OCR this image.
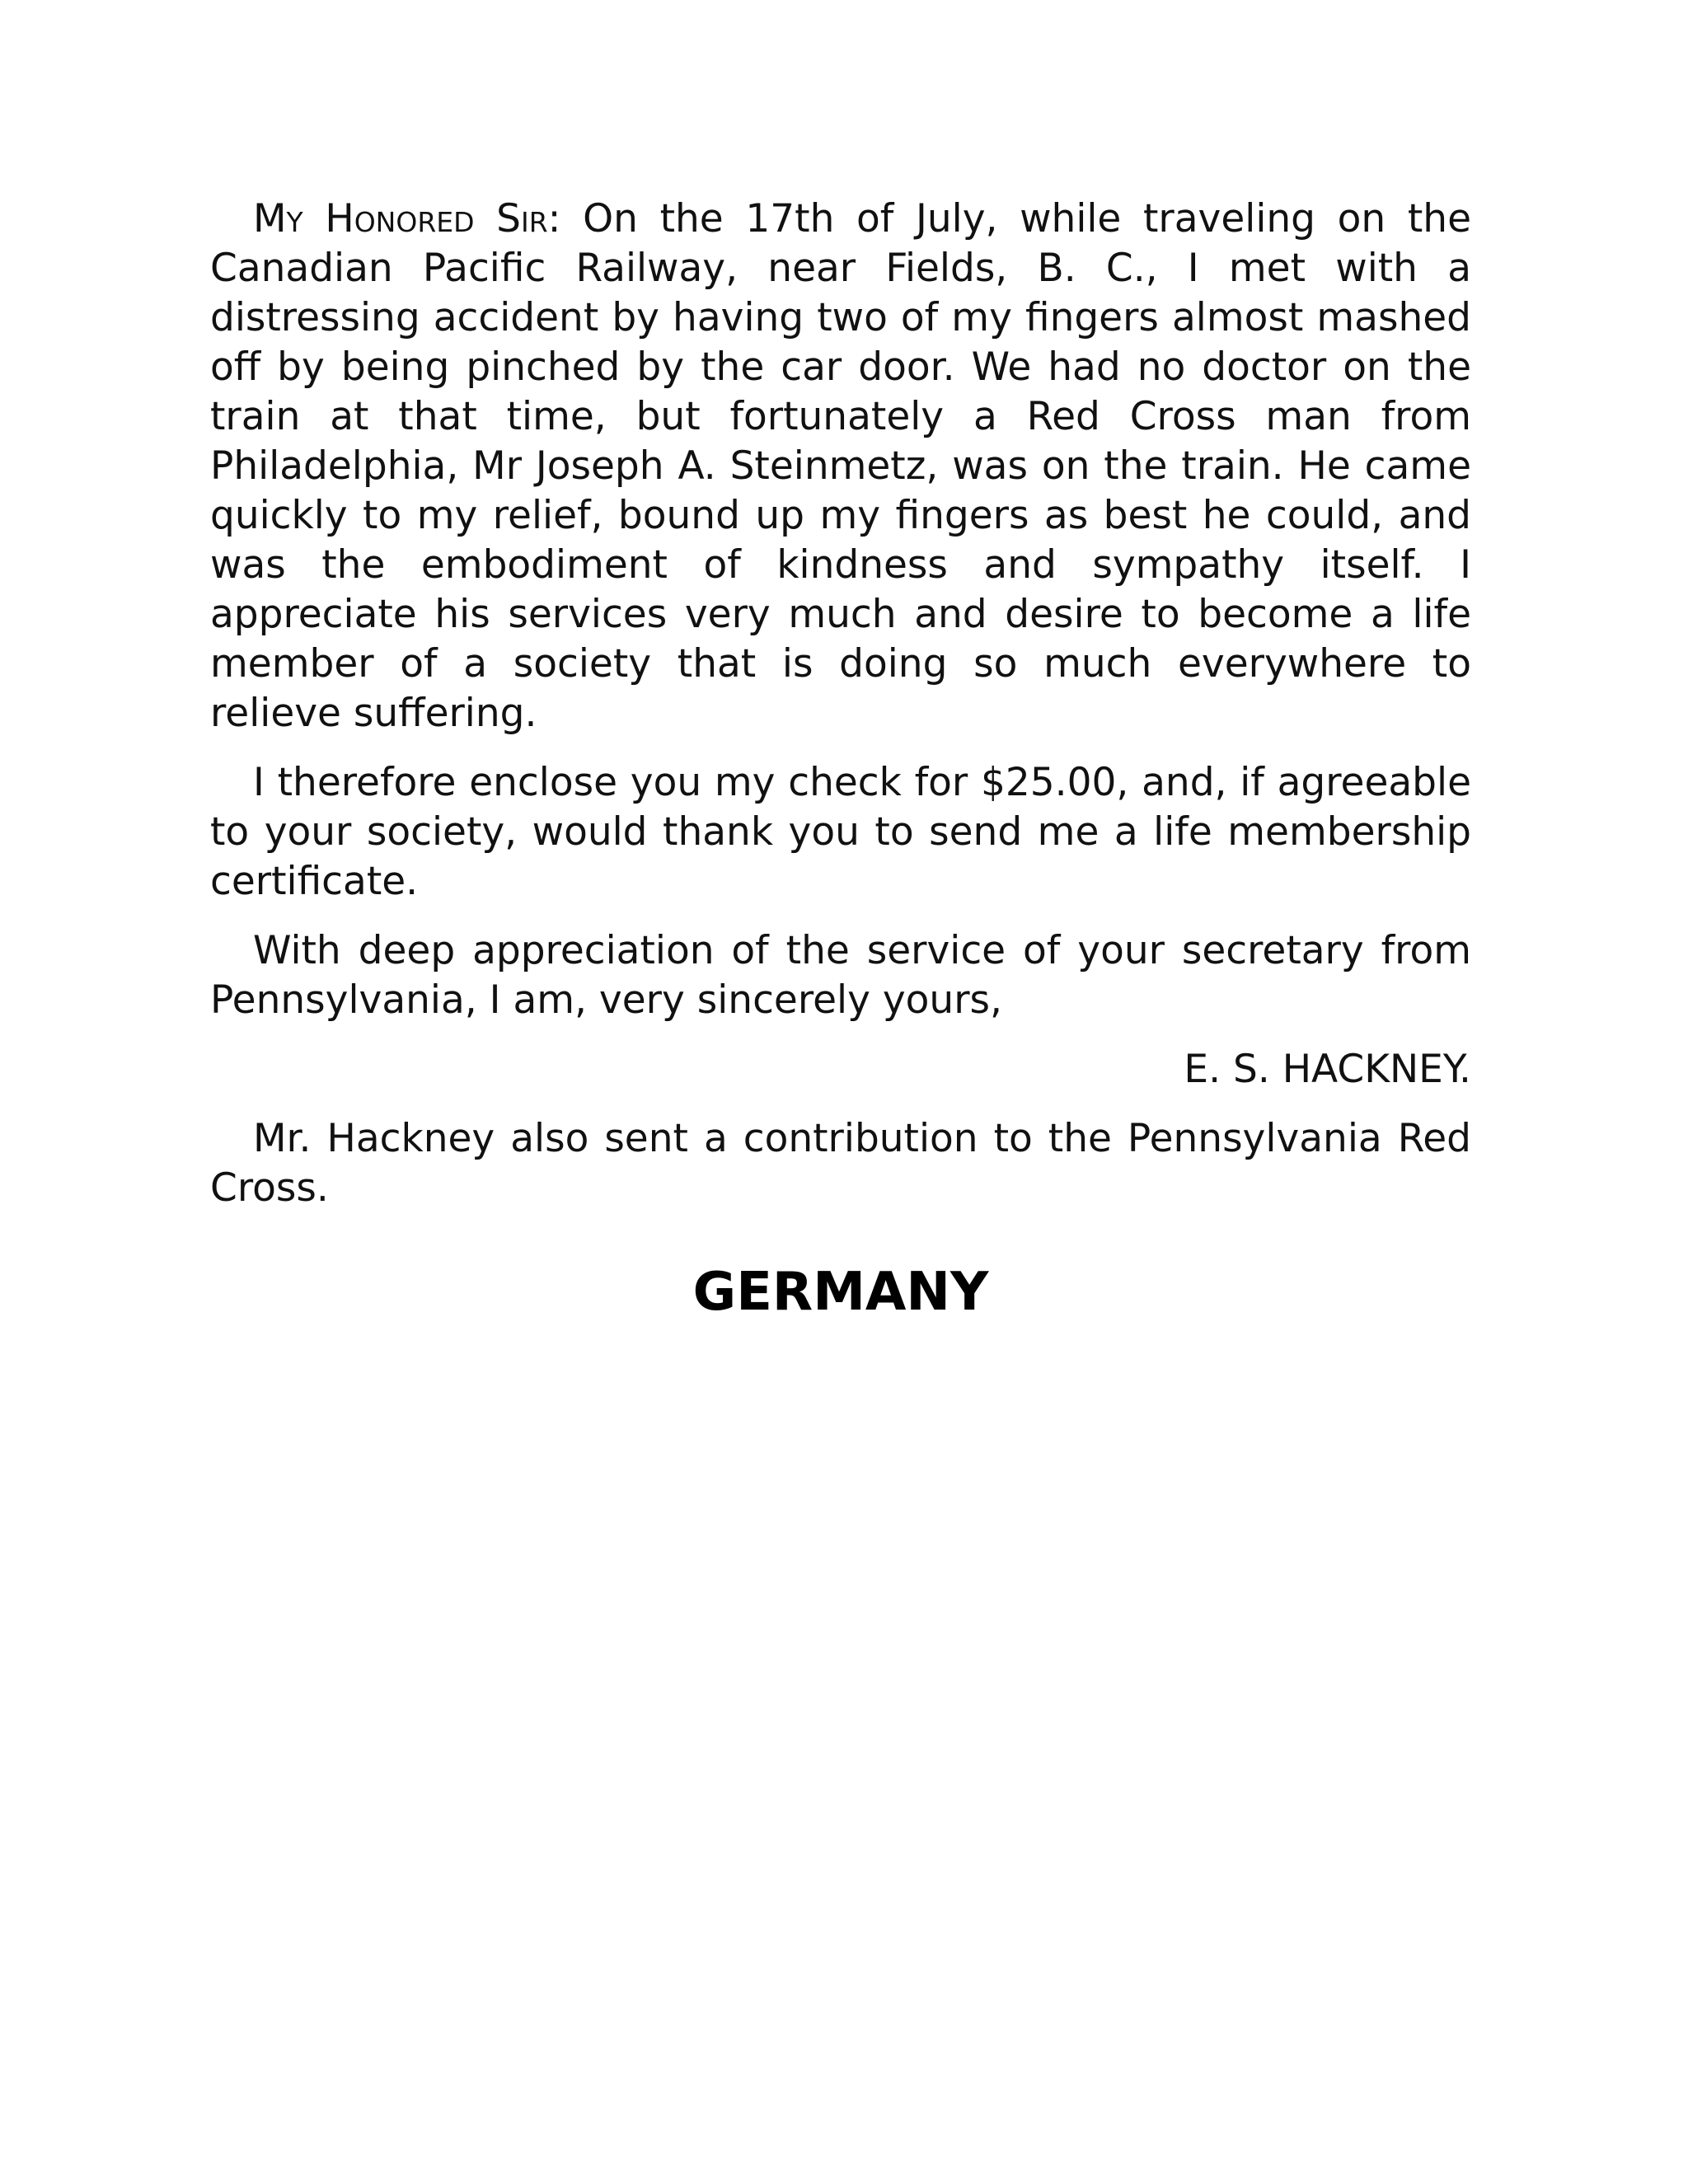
My Honored Sir: On the 17th of July, while traveling on the Canadian Pacific Railway, near Fields, B. C., I met with a distressing accident by having two of my fingers almost mashed off by being pinched by the car door. We had no doctor on the train at that time, but fortunately a Red Cross man from Philadelphia, Mr Joseph A. Steinmetz, was on the train. He came quickly to my relief, bound up my fingers as best he could, and was the embodiment of kindness and sympathy itself. I appreciate his services very much and desire to become a life member of a society that is doing so much everywhere to relieve suffering.

I therefore enclose you my check for $25.00, and, if agreeable to your society, would thank you to send me a life membership certificate.

With deep appreciation of the service of your secretary from Pennsylvania, I am, very sincerely yours,

E. S. HACKNEY.

Mr. Hackney also sent a contribution to the Pennsylvania Red Cross.

GERMANY
